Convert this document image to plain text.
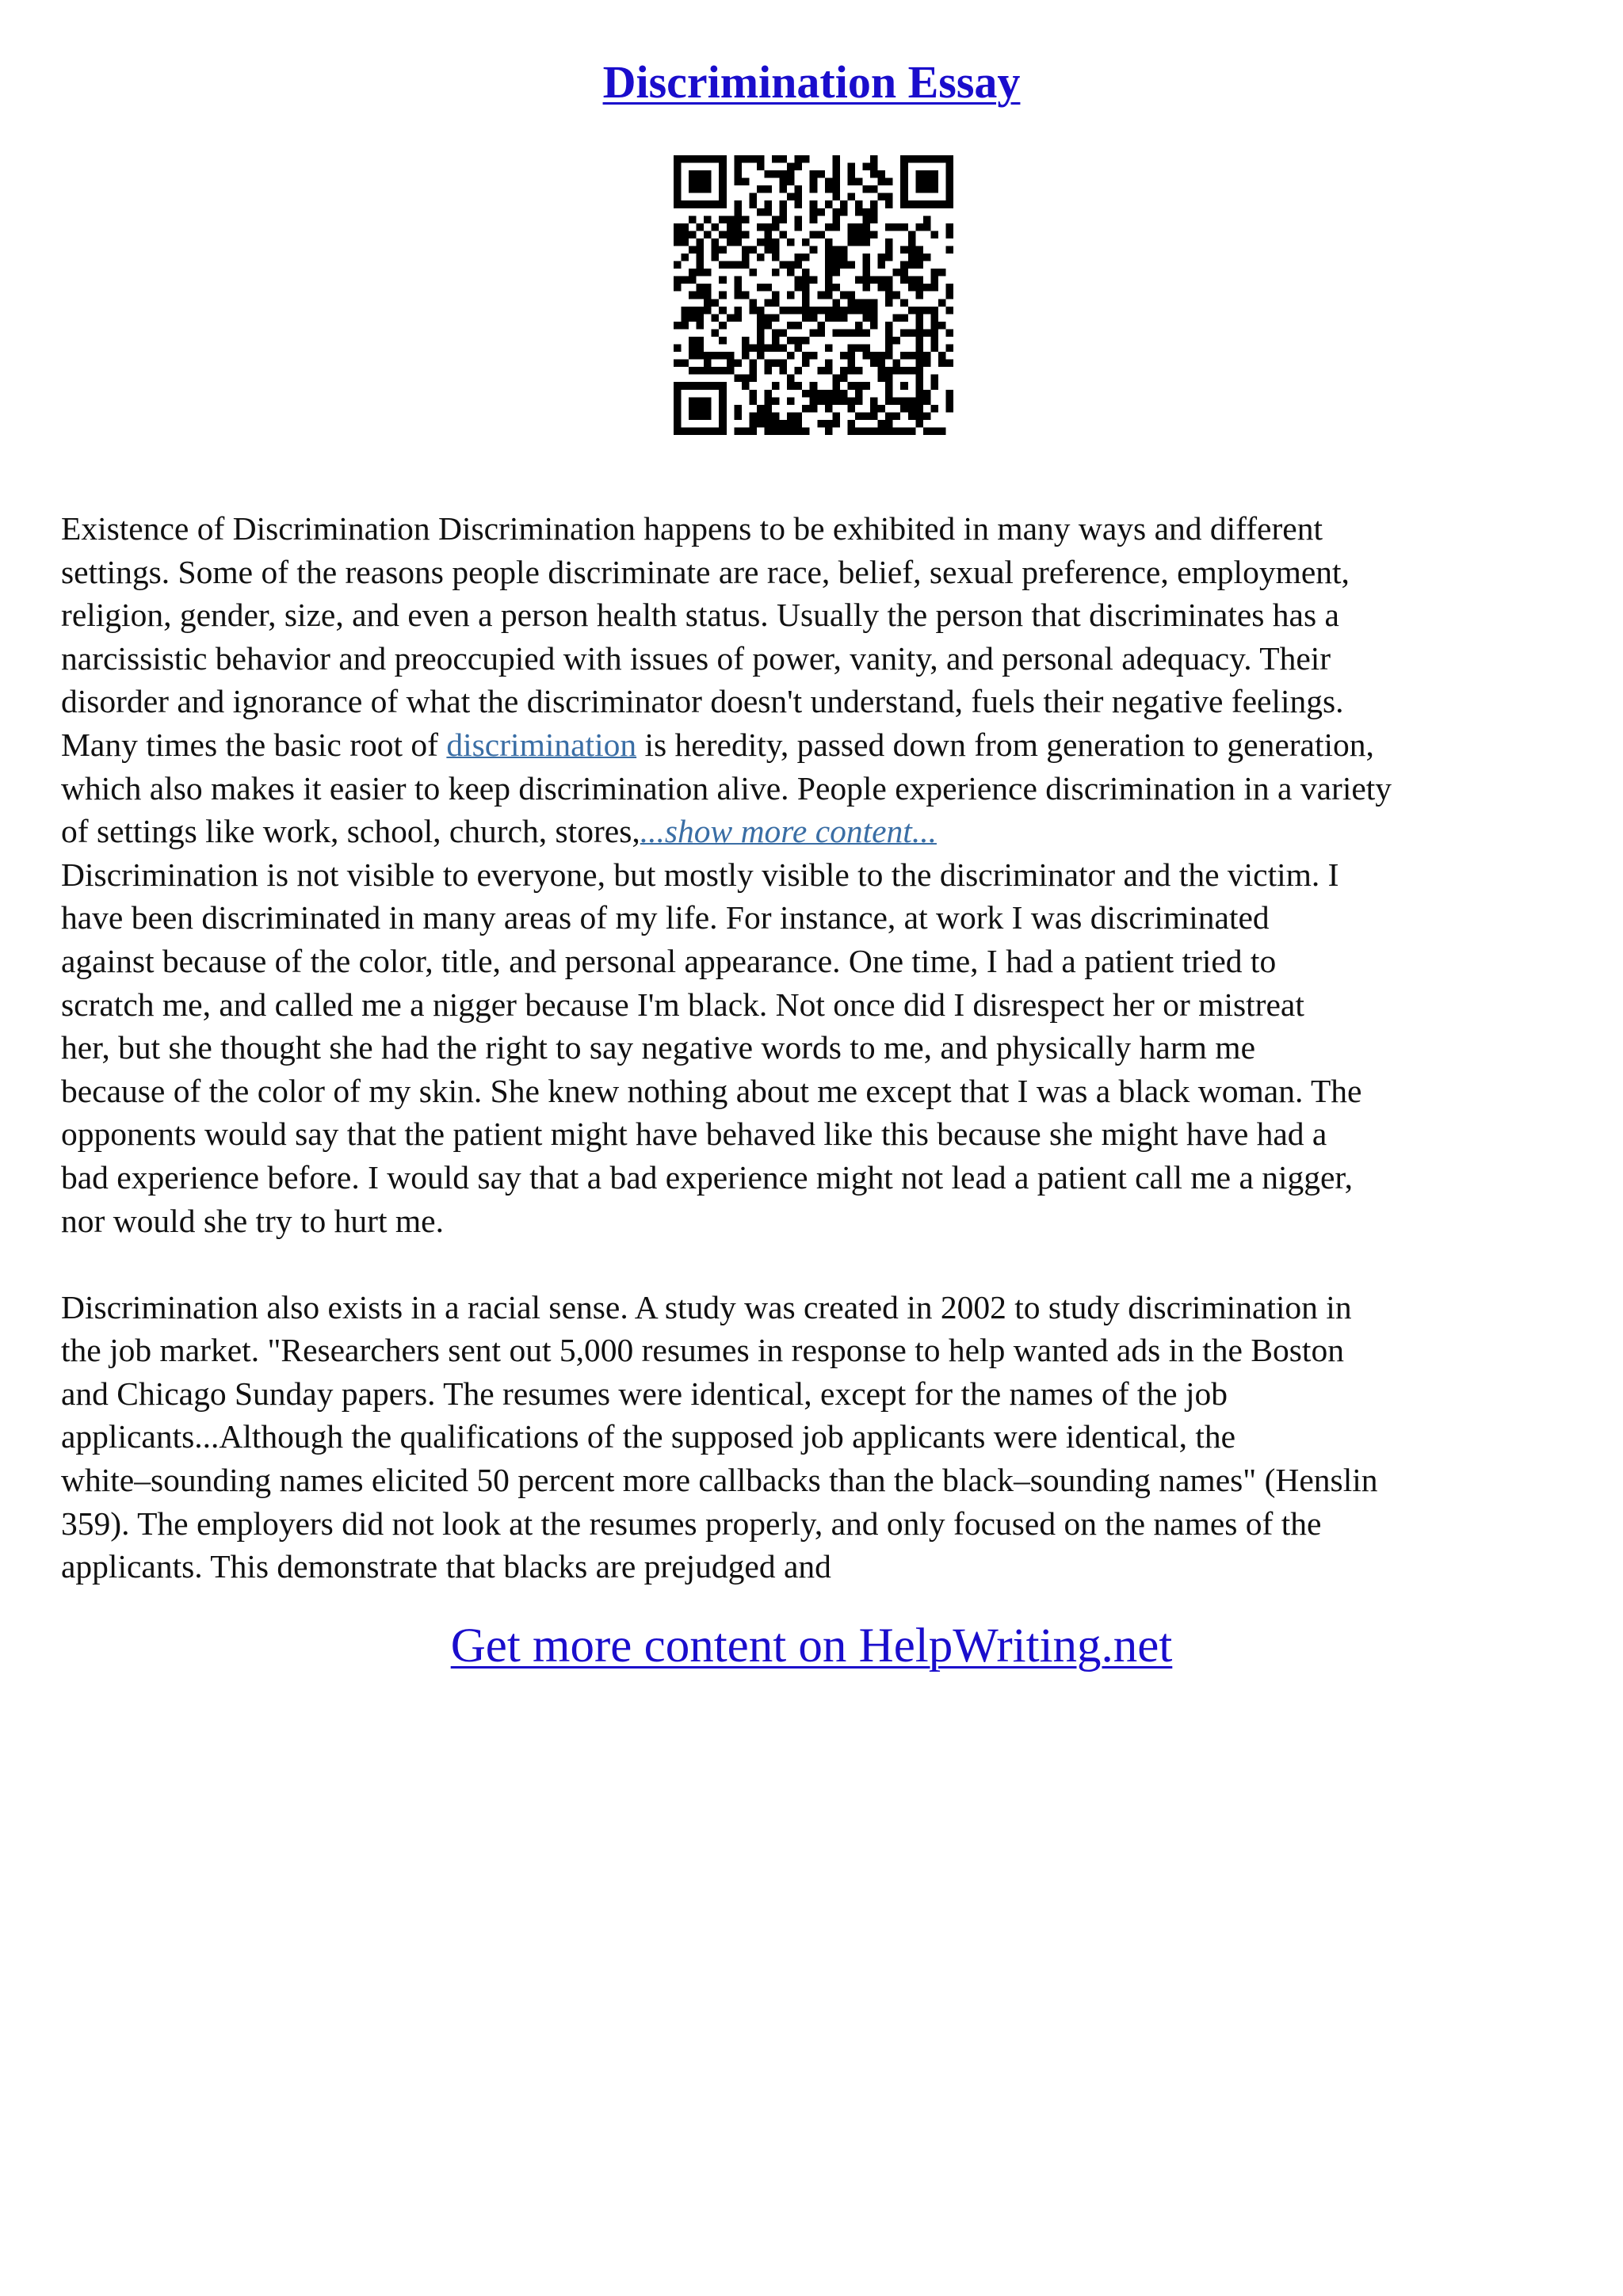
Discrimination Essay

Existence of Discrimination Discrimination happens to be exhibited in many ways and different
settings. Some of the reasons people discriminate are race, belief, sexual preference, employment,
religion, gender, size, and even a person health status. Usually the person that discriminates has a
narcissistic behavior and preoccupied with issues of power, vanity, and personal adequacy. Their
disorder and ignorance of what the discriminator doesn't understand, fuels their negative feelings.
Many times the basic root of discrimination is heredity, passed down from generation to generation,
which also makes it easier to keep discrimination alive. People experience discrimination in a variety
of settings like work, school, church, stores,...show more content...

Discrimination is not visible to everyone, but mostly visible to the discriminator and the victim. I
have been discriminated in many areas of my life. For instance, at work I was discriminated
against because of the color, title, and personal appearance. One time, I had a patient tried to
scratch me, and called me a nigger because I'm black. Not once did I disrespect her or mistreat
her, but she thought she had the right to say negative words to me, and physically harm me
because of the color of my skin. She knew nothing about me except that I was a black woman. The
opponents would say that the patient might have behaved like this because she might have had a
bad experience before. I would say that a bad experience might not lead a patient call me a nigger,
nor would she try to hurt me.

Discrimination also exists in a racial sense. A study was created in 2002 to study discrimination in
the job market. "Researchers sent out 5,000 resumes in response to help wanted ads in the Boston
and Chicago Sunday papers. The resumes were identical, except for the names of the job
applicants...Although the qualifications of the supposed job applicants were identical, the
white–sounding names elicited 50 percent more callbacks than the black–sounding names" (Henslin
359). The employers did not look at the resumes properly, and only focused on the names of the
applicants. This demonstrate that blacks are prejudged and

Get more content on HelpWriting.net
